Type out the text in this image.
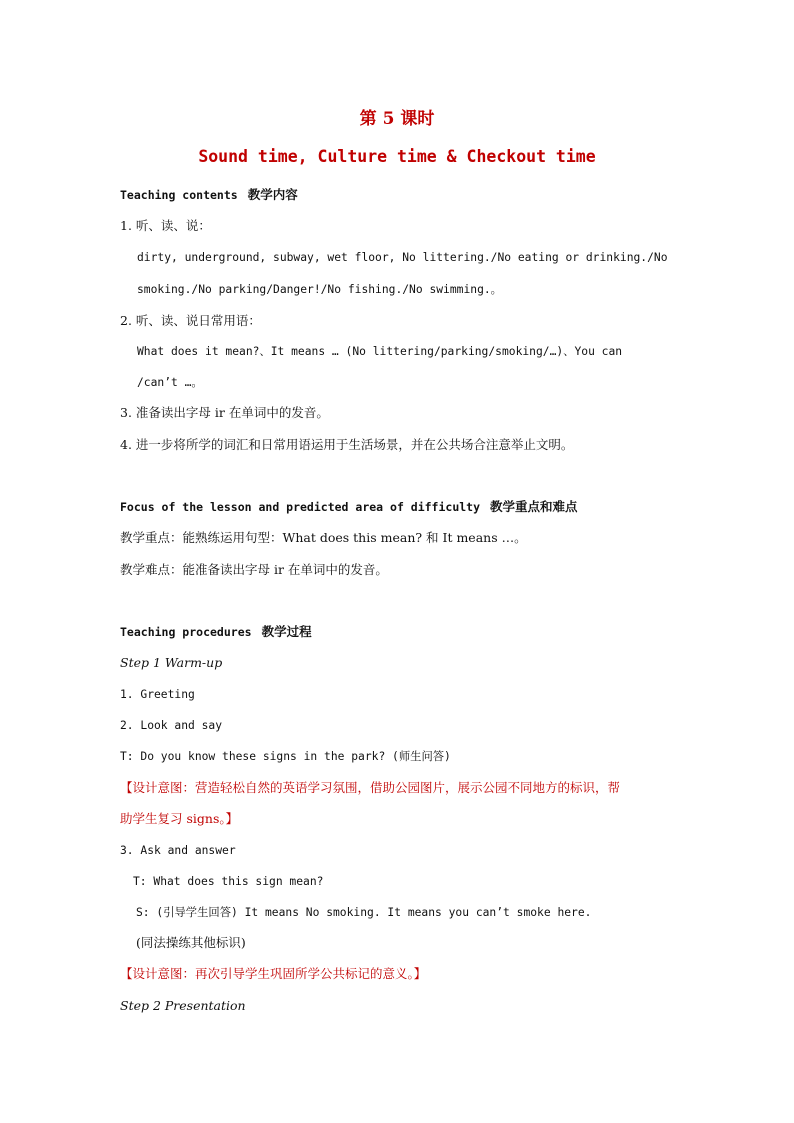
第 5 课时
Sound time, Culture time & Checkout time
Teaching contents 教学内容
1. 听、读、说：
dirty, underground, subway, wet floor, No littering./No eating or drinking./No
smoking./No parking/Danger!/No fishing./No swimming.。
2. 听、读、说日常用语：
What does it mean?、It means … (No littering/parking/smoking/…)、You can
/can’t …。
3. 准备读出字母 ir 在单词中的发音。
4. 进一步将所学的词汇和日常用语运用于生活场景，并在公共场合注意举止文明。
Focus of the lesson and predicted area of difficulty 教学重点和难点
教学重点：能熟练运用句型：What does this mean? 和 It means …。
教学难点：能准备读出字母 ir 在单词中的发音。
Teaching procedures 教学过程
Step 1 Warm-up
1. Greeting
2. Look and say
T: Do you know these signs in the park? (师生问答)
【设计意图：营造轻松自然的英语学习氛围，借助公园图片，展示公园不同地方的标识，帮
助学生复习 signs。】
3. Ask and answer
T: What does this sign mean?
S: (引导学生回答) It means No smoking. It means you can’t smoke here.
(同法操练其他标识)
【设计意图：再次引导学生巩固所学公共标记的意义。】
Step 2 Presentation
